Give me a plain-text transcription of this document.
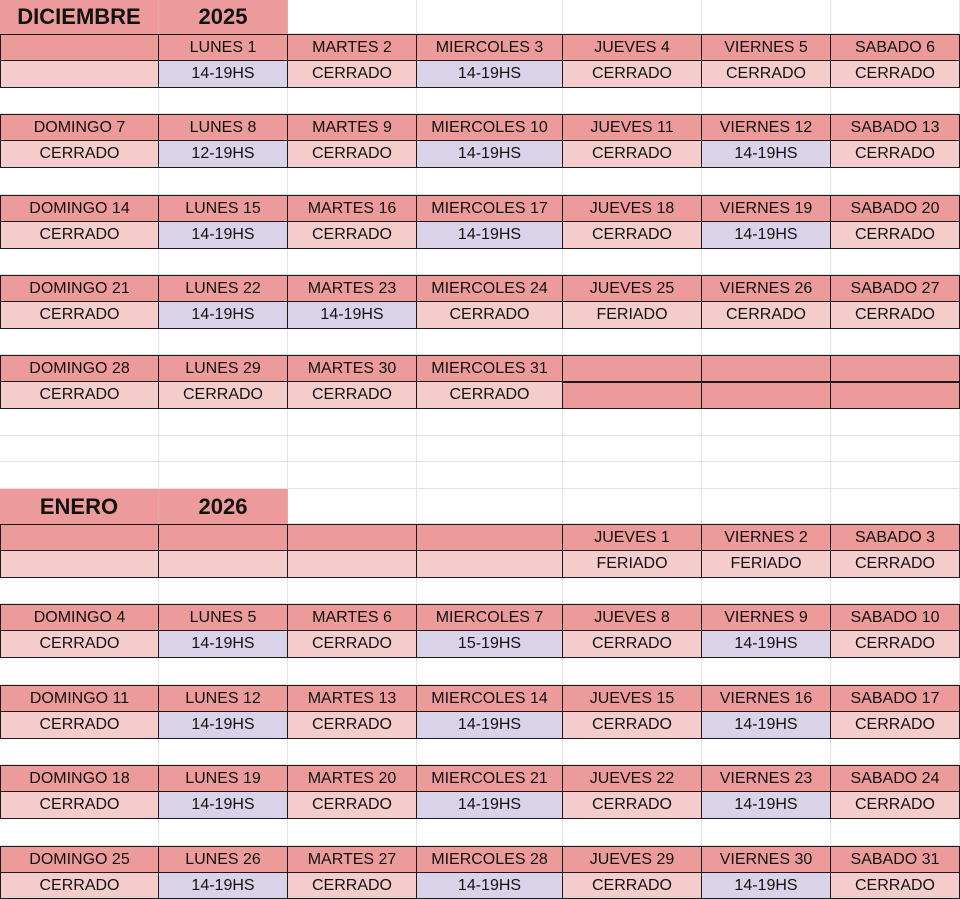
DICIEMBRE	2025
LUNES 1
14-19HS
MARTES 2
CERRADO
MIERCOLES 3
14-19HS
JUEVES 4
CERRADO
VIERNES 5
CERRADO
SABADO 6
CERRADO
DOMINGO 7
CERRADO
LUNES 8
12-19HS
MARTES 9
CERRADO
MIERCOLES 10
14-19HS
JUEVES 11
CERRADO
VIERNES 12
14-19HS
SABADO 13
CERRADO
DOMINGO 14
CERRADO
LUNES 15
14-19HS
MARTES 16
CERRADO
MIERCOLES 17
14-19HS
JUEVES 18
CERRADO
VIERNES 19
14-19HS
SABADO 20
CERRADO
DOMINGO 21
CERRADO
LUNES 22
14-19HS
MARTES 23
14-19HS
MIERCOLES 24
CERRADO
JUEVES 25
FERIADO
VIERNES 26
CERRADO
SABADO 27
CERRADO
DOMINGO 28
CERRADO
LUNES 29
CERRADO
MARTES 30
CERRADO
MIERCOLES 31
CERRADO
ENERO	2026
JUEVES 1
FERIADO
VIERNES 2
FERIADO
SABADO 3
CERRADO
DOMINGO 4
CERRADO
LUNES 5
14-19HS
MARTES 6
CERRADO
MIERCOLES 7
15-19HS
JUEVES 8
CERRADO
VIERNES 9
14-19HS
SABADO 10
CERRADO
DOMINGO 11
CERRADO
LUNES 12
14-19HS
MARTES 13
CERRADO
MIERCOLES 14
14-19HS
JUEVES 15
CERRADO
VIERNES 16
14-19HS
SABADO 17
CERRADO
DOMINGO 18
CERRADO
LUNES 19
14-19HS
MARTES 20
CERRADO
MIERCOLES 21
14-19HS
JUEVES 22
CERRADO
VIERNES 23
14-19HS
SABADO 24
CERRADO
DOMINGO 25
CERRADO
LUNES 26
14-19HS
MARTES 27
CERRADO
MIERCOLES 28
14-19HS
JUEVES 29
CERRADO
VIERNES 30
14-19HS
SABADO 31
CERRADO
